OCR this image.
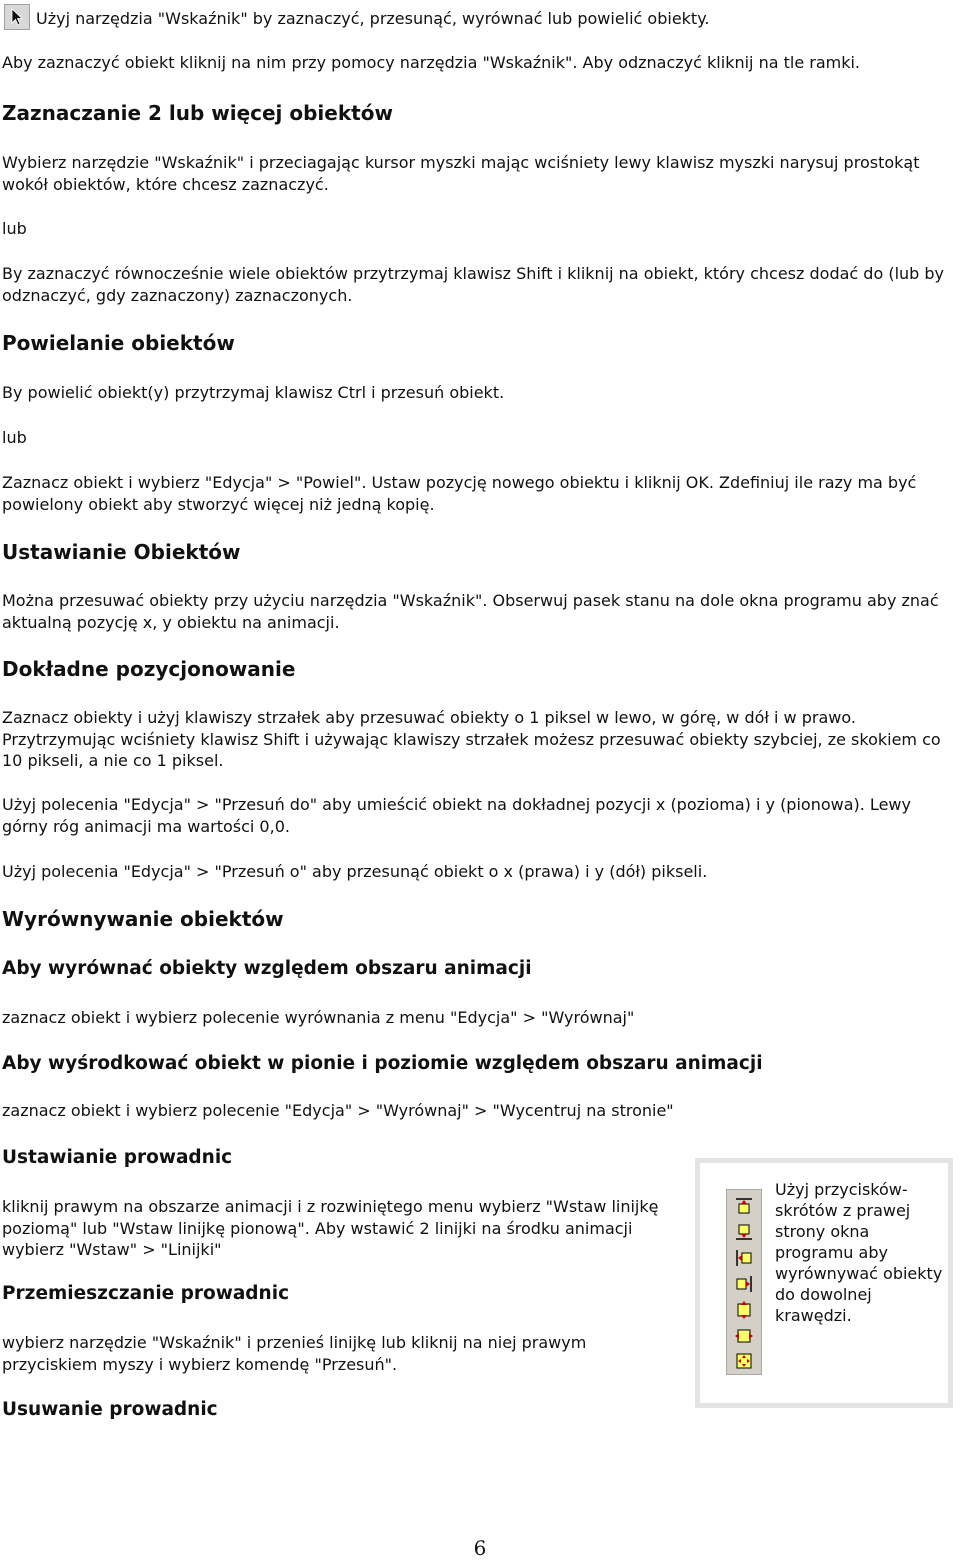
Użyj narzędzia "Wskaźnik" by zaznaczyć, przesunąć, wyrównać lub powielić obiekty.

Aby zaznaczyć obiekt kliknij na nim przy pomocy narzędzia "Wskaźnik". Aby odznaczyć kliknij na tle ramki.

Zaznaczanie 2 lub więcej obiektów

Wybierz narzędzie "Wskaźnik" i przeciagając kursor myszki mając wciśniety lewy klawisz myszki narysuj prostokąt wokół obiektów, które chcesz zaznaczyć.

lub

By zaznaczyć równocześnie wiele obiektów przytrzymaj klawisz Shift i kliknij na obiekt, który chcesz dodać do (lub by odznaczyć, gdy zaznaczony) zaznaczonych.

Powielanie obiektów

By powielić obiekt(y) przytrzymaj klawisz Ctrl i przesuń obiekt.

lub

Zaznacz obiekt i wybierz "Edycja" > "Powiel". Ustaw pozycję nowego obiektu i kliknij OK. Zdefiniuj ile razy ma być powielony obiekt aby stworzyć więcej niż jedną kopię.

Ustawianie Obiektów

Można przesuwać obiekty przy użyciu narzędzia "Wskaźnik". Obserwuj pasek stanu na dole okna programu aby znać aktualną pozycję x, y obiektu na animacji.

Dokładne pozycjonowanie

Zaznacz obiekty i użyj klawiszy strzałek aby przesuwać obiekty o 1 piksel w lewo, w górę, w dół i w prawo. Przytrzymując wciśniety klawisz Shift i używając klawiszy strzałek możesz przesuwać obiekty szybciej, ze skokiem co 10 pikseli, a nie co 1 piksel.

Użyj polecenia "Edycja" > "Przesuń do" aby umieścić obiekt na dokładnej pozycji x (pozioma) i y (pionowa). Lewy górny róg animacji ma wartości 0,0.

Użyj polecenia "Edycja" > "Przesuń o" aby przesunąć obiekt o x (prawa) i y (dół) pikseli.

Wyrównywanie obiektów
Aby wyrównać obiekty względem obszaru animacji

zaznacz obiekt i wybierz polecenie wyrównania z menu "Edycja" > "Wyrównaj"

Aby wyśrodkować obiekt w pionie i poziomie względem obszaru animacji

zaznacz obiekt i wybierz polecenie "Edycja" > "Wyrównaj" > "Wycentruj na stronie"

Ustawianie prowadnic

kliknij prawym na obszarze animacji i z rozwiniętego menu wybierz "Wstaw linijkę poziomą" lub "Wstaw linijkę pionową". Aby wstawić 2 linijki na środku animacji wybierz "Wstaw" > "Linijki"

Przemieszczanie prowadnic

wybierz narzędzie "Wskaźnik" i przenieś linijkę lub kliknij na niej prawym przyciskiem myszy i wybierz komendę "Przesuń".

Usuwanie prowadnic

Użyj przycisków-skrótów z prawej strony okna programu aby wyrównywać obiekty do dowolnej krawędzi.

6
